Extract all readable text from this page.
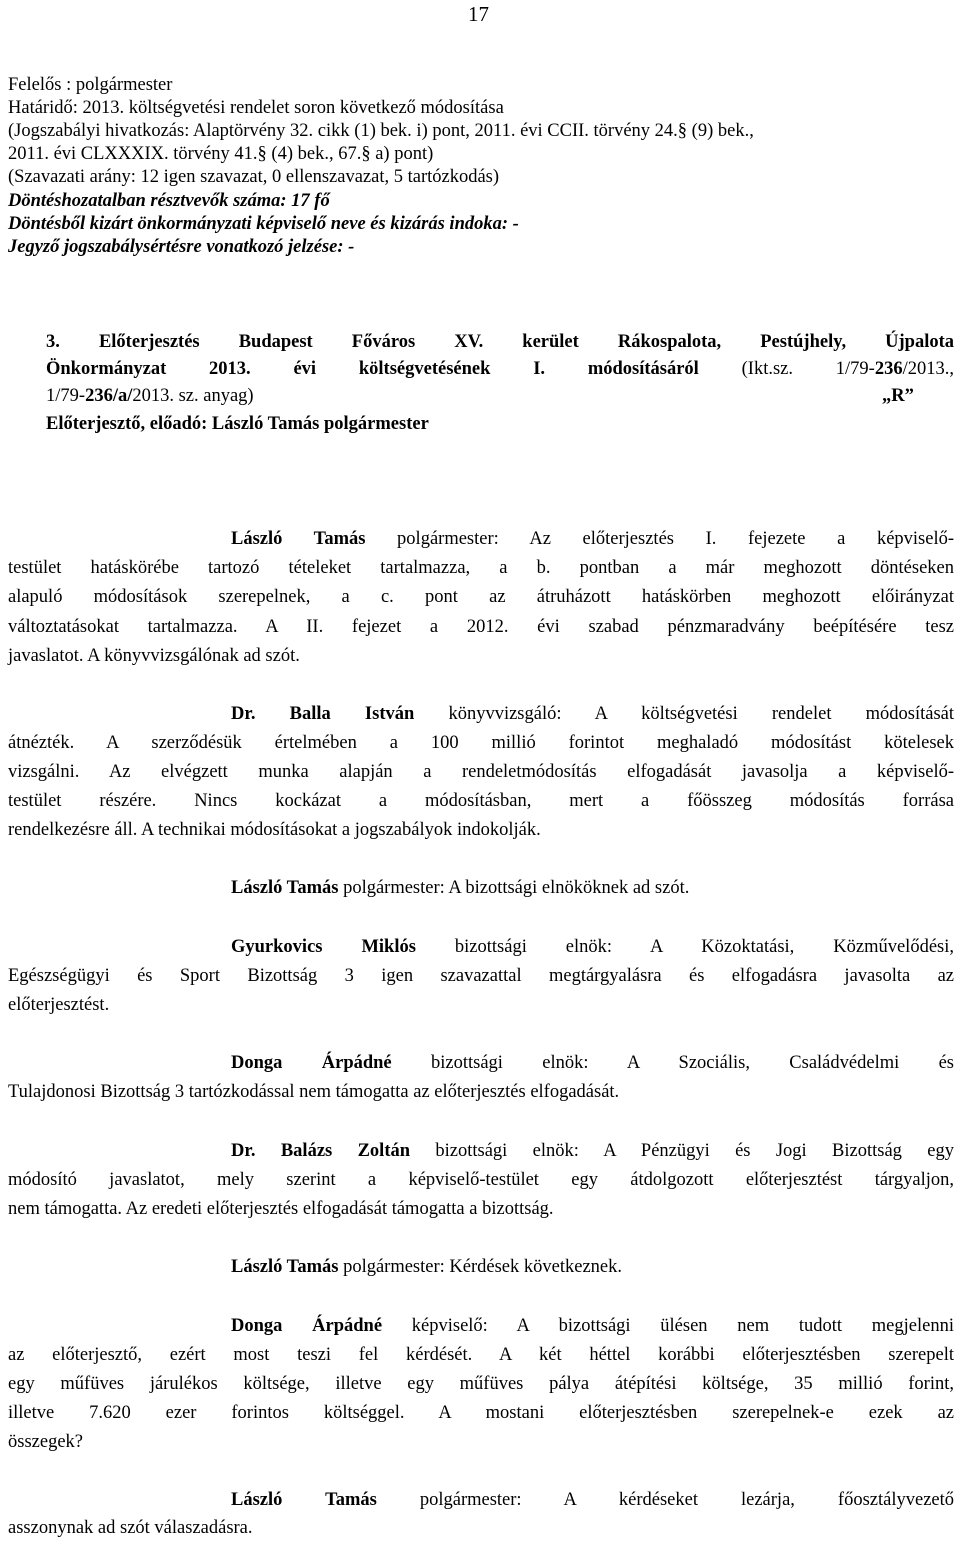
17
Felelős : polgármester
Határidő: 2013. költségvetési rendelet soron következő módosítása
(Jogszabályi hivatkozás: Alaptörvény 32. cikk (1) bek. i) pont, 2011. évi CCII. törvény 24.§ (9) bek.,
2011. évi CLXXXIX. törvény 41.§ (4) bek., 67.§ a) pont)
(Szavazati arány: 12 igen szavazat, 0 ellenszavazat, 5 tartózkodás)
Döntéshozatalban résztvevők száma: 17 fő
Döntésből kizárt önkormányzati képviselő neve és kizárás indoka: -
Jegyző jogszabálysértésre vonatkozó jelzése: -
3. Előterjesztés Budapest Főváros XV. kerület Rákospalota, Pestújhely, Újpalota
Önkormányzat 2013. évi költségvetésének I. módosításáról (Ikt.sz. 1/79-236/2013.,
1/79-236/a/2013. sz. anyag)	„R”
Előterjesztő, előadó: László Tamás polgármester
László Tamás polgármester: Az előterjesztés I. fejezete a képviselő-
testület hatáskörébe tartozó tételeket tartalmazza, a b. pontban a már meghozott döntéseken
alapuló módosítások szerepelnek, a c. pont az átruházott hatáskörben meghozott előirányzat
változtatásokat tartalmazza. A II. fejezet a 2012. évi szabad pénzmaradvány beépítésére tesz
javaslatot. A könyvvizsgálónak ad szót.
Dr. Balla István könyvvizsgáló: A költségvetési rendelet módosítását
átnézték. A szerződésük értelmében a 100 millió forintot meghaladó módosítást kötelesek
vizsgálni. Az elvégzett munka alapján a rendeletmódosítás elfogadását javasolja a képviselő-
testület részére. Nincs kockázat a módosításban, mert a főösszeg módosítás forrása
rendelkezésre áll. A technikai módosításokat a jogszabályok indokolják.
László Tamás polgármester: A bizottsági elnököknek ad szót.
Gyurkovics Miklós bizottsági elnök: A Közoktatási, Közművelődési,
Egészségügyi és Sport Bizottság 3 igen szavazattal megtárgyalásra és elfogadásra javasolta az
előterjesztést.
Donga Árpádné bizottsági elnök: A Szociális, Családvédelmi és
Tulajdonosi Bizottság 3 tartózkodással nem támogatta az előterjesztés elfogadását.
Dr. Balázs Zoltán bizottsági elnök: A Pénzügyi és Jogi Bizottság egy
módosító javaslatot, mely szerint a képviselő-testület egy átdolgozott előterjesztést tárgyaljon,
nem támogatta. Az eredeti előterjesztés elfogadását támogatta a bizottság.
László Tamás polgármester: Kérdések következnek.
Donga Árpádné képviselő: A bizottsági ülésen nem tudott megjelenni
az előterjesztő, ezért most teszi fel kérdését. A két héttel korábbi előterjesztésben szerepelt
egy műfüves járulékos költsége, illetve egy műfüves pálya átépítési költsége, 35 millió forint,
illetve 7.620 ezer forintos költséggel. A mostani előterjesztésben szerepelnek-e ezek az
összegek?
László Tamás polgármester: A kérdéseket lezárja, főosztályvezető
asszonynak ad szót válaszadásra.
